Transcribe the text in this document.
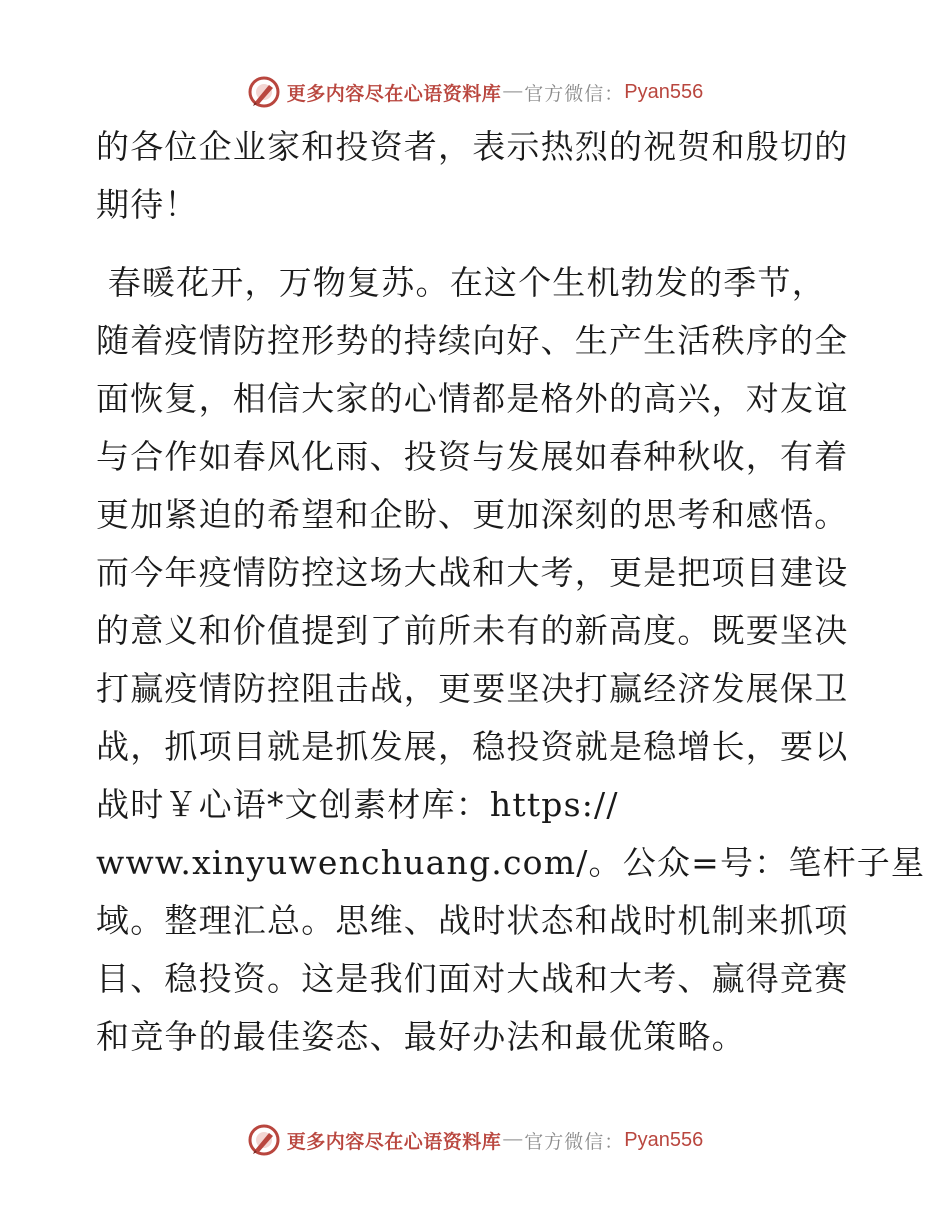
更多内容尽在心语资料库 — 官方微信： Pyan556
的各位企业家和投资者，表示热烈的祝贺和殷切的
期待！
春暖花开，万物复苏。在这个生机勃发的季节，
随着疫情防控形势的持续向好、生产生活秩序的全
面恢复，相信大家的心情都是格外的高兴，对友谊
与合作如春风化雨、投资与发展如春种秋收，有着
更加紧迫的希望和企盼、更加深刻的思考和感悟。
而今年疫情防控这场大战和大考，更是把项目建设
的意义和价值提到了前所未有的新高度。既要坚决
打赢疫情防控阻击战，更要坚决打赢经济发展保卫
战，抓项目就是抓发展，稳投资就是稳增长，要以
战时￥心语*文创素材库：https://
www.xinyuwenchuang.com/。公众=号：笔杆子星
域。整理汇总。思维、战时状态和战时机制来抓项
目、稳投资。这是我们面对大战和大考、赢得竞赛
和竞争的最佳姿态、最好办法和最优策略。
更多内容尽在心语资料库 — 官方微信： Pyan556
